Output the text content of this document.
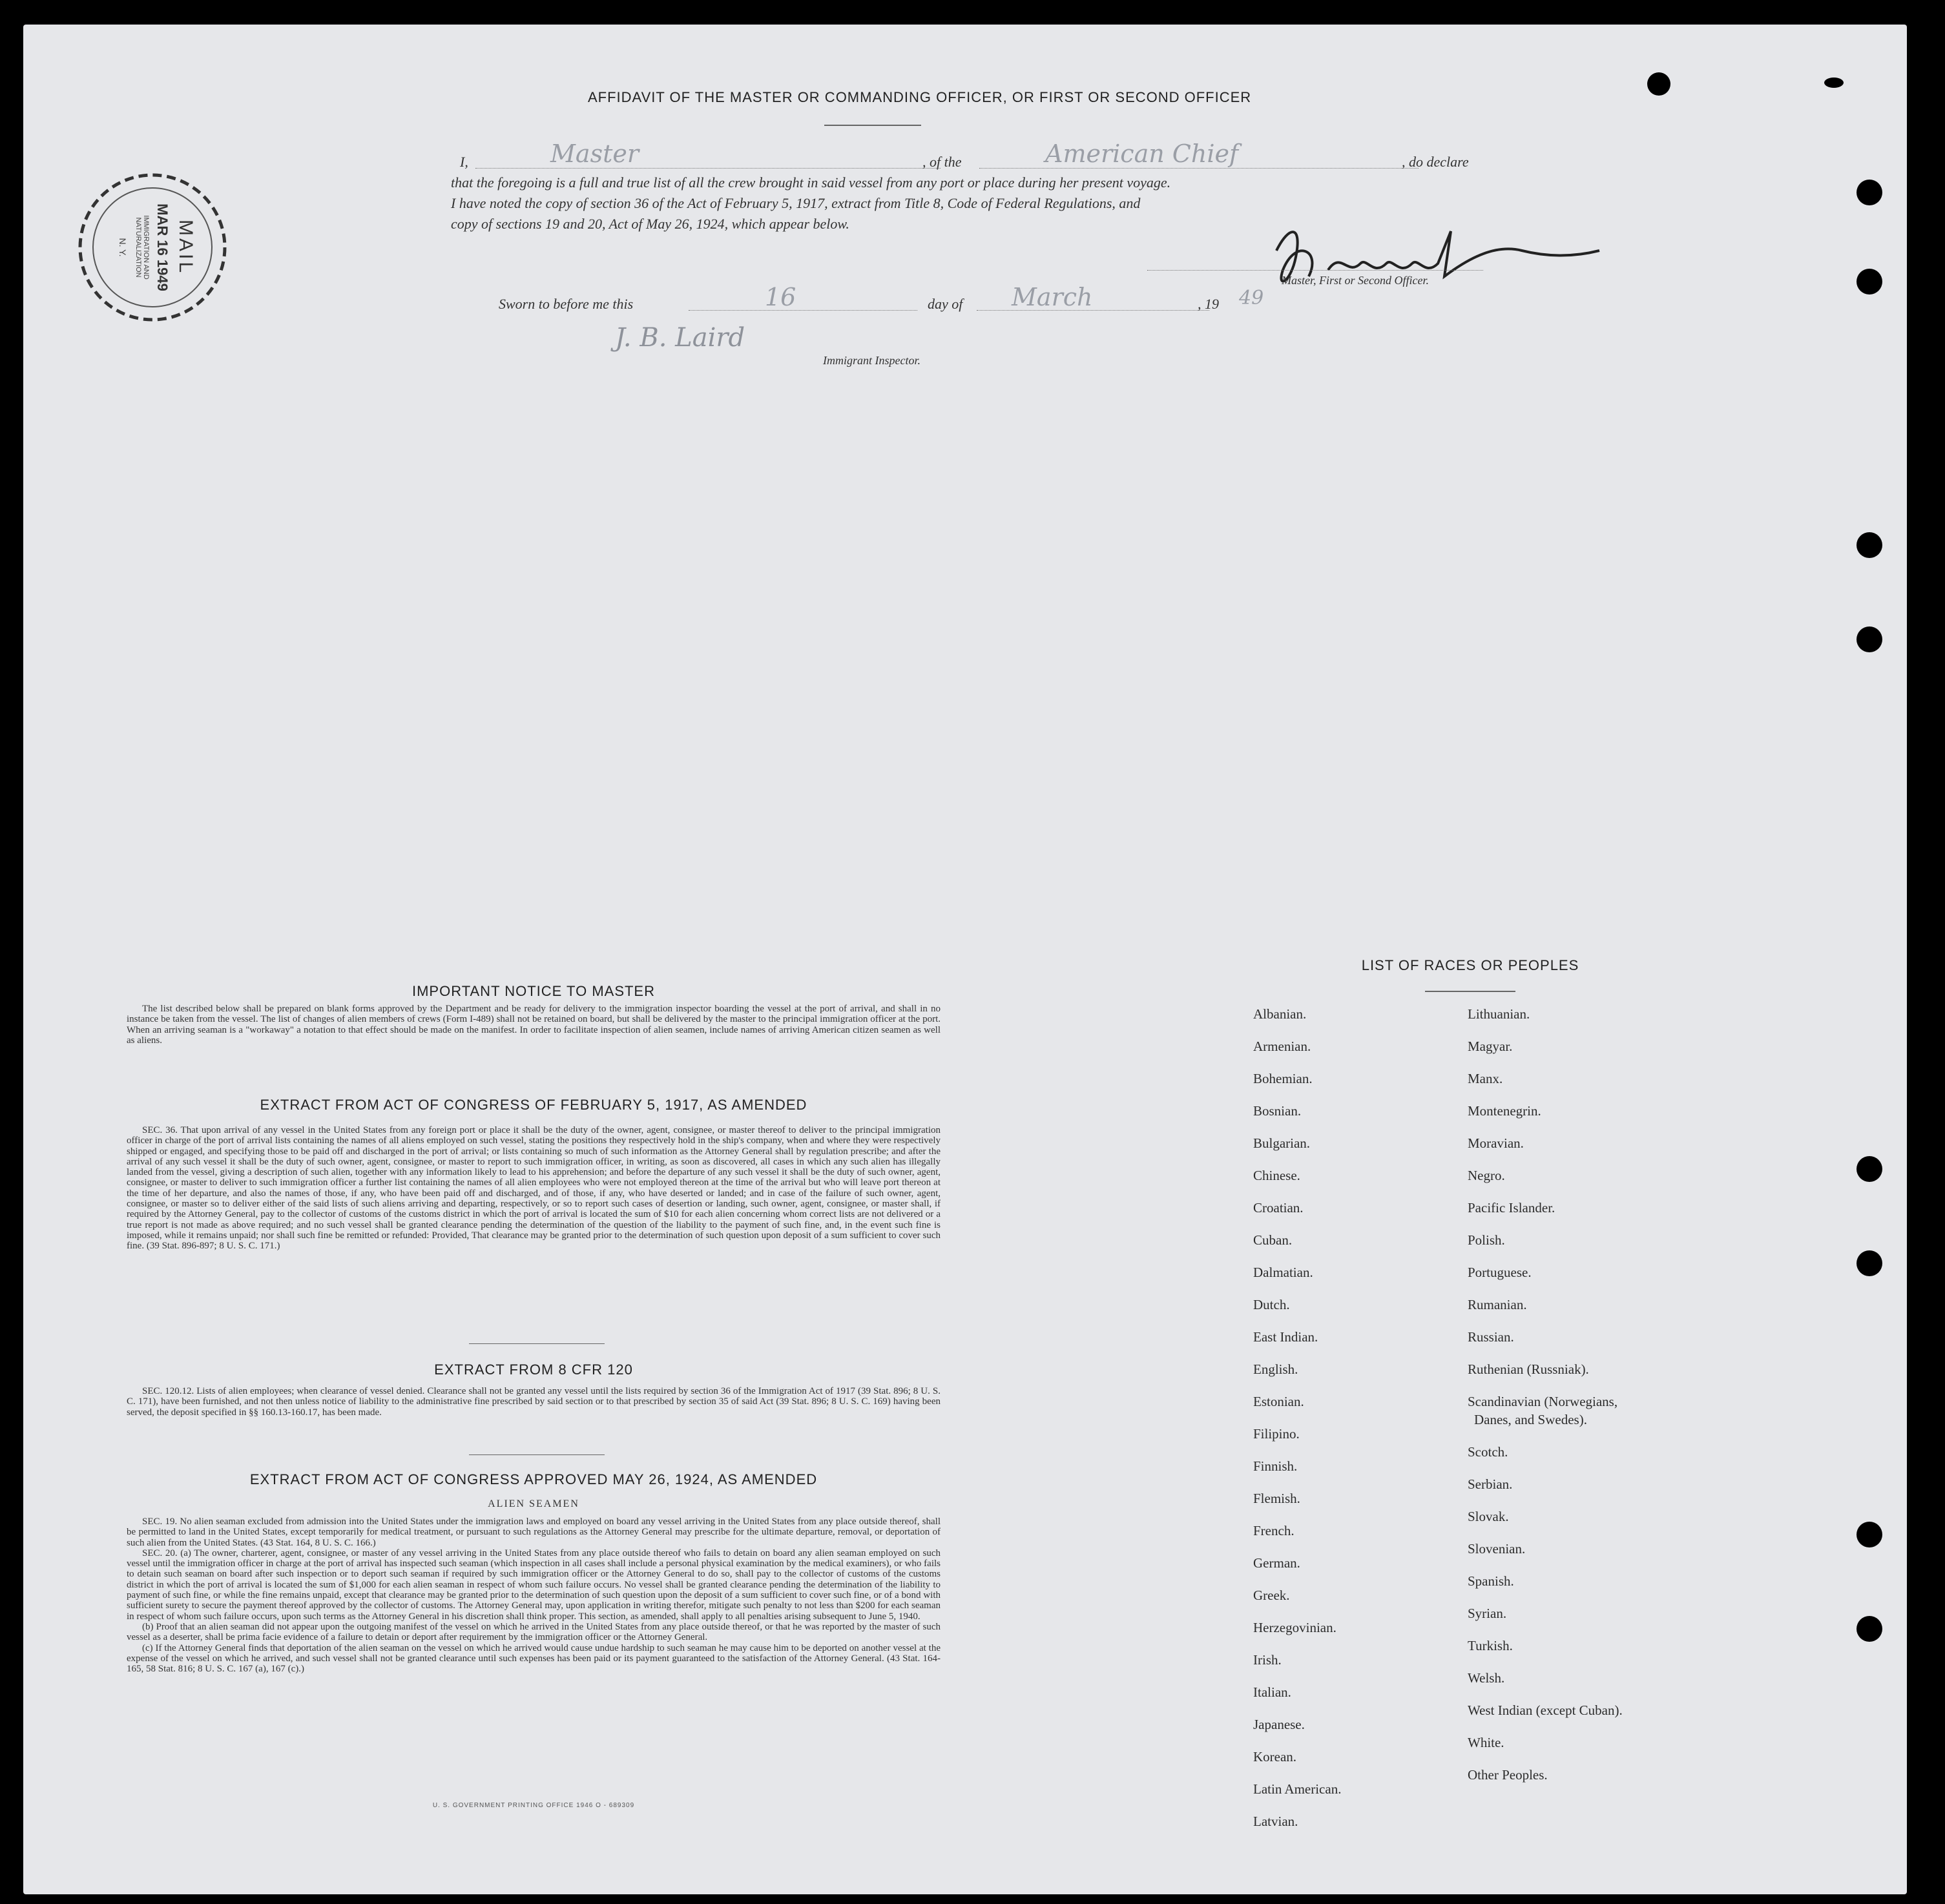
AFFIDAVIT OF THE MASTER OR COMMANDING OFFICER, OR FIRST OR SECOND OFFICER
I,	Master	, of the	American Chief	, do declare
that the foregoing is a full and true list of all the crew brought in said vessel from any port or place during her present voyage.
I have noted the copy of section 36 of the Act of February 5, 1917, extract from Title 8, Code of Federal Regulations, and
copy of sections 19 and 20, Act of May 26, 1924, which appear below.
Master, First or Second Officer.
Sworn to before me this	16	day of March	, 19 49
J. B. Laird
Immigrant Inspector.
MAIL
MAR 16 1949
IMMIGRATION AND NATURALIZATION
N. Y.
IMPORTANT NOTICE TO MASTER

The list described below shall be prepared on blank forms approved by the Department and be ready for delivery to the immigration inspector boarding the vessel at the port of arrival, and shall in no instance be taken from the vessel. The list of changes of alien members of crews (Form I-489) shall not be retained on board, but shall be delivered by the master to the principal immigration officer at the port. When an arriving seaman is a "workaway" a notation to that effect should be made on the manifest. In order to facilitate inspection of alien seamen, include names of arriving American citizen seamen as well as aliens.

EXTRACT FROM ACT OF CONGRESS OF FEBRUARY 5, 1917, AS AMENDED

SEC. 36. That upon arrival of any vessel in the United States from any foreign port or place it shall be the duty of the owner, agent, consignee, or master thereof to deliver to the principal immigration officer in charge of the port of arrival lists containing the names of all aliens employed on such vessel, stating the positions they respectively hold in the ship's company, when and where they were respectively shipped or engaged, and specifying those to be paid off and discharged in the port of arrival; or lists containing so much of such information as the Attorney General shall by regulation prescribe; and after the arrival of any such vessel it shall be the duty of such owner, agent, consignee, or master to report to such immigration officer, in writing, as soon as discovered, all cases in which any such alien has illegally landed from the vessel, giving a description of such alien, together with any information likely to lead to his apprehension; and before the departure of any such vessel it shall be the duty of such owner, agent, consignee, or master to deliver to such immigration officer a further list containing the names of all alien employees who were not employed thereon at the time of the arrival but who will leave port thereon at the time of her departure, and also the names of those, if any, who have been paid off and discharged, and of those, if any, who have deserted or landed; and in case of the failure of such owner, agent, consignee, or master so to deliver either of the said lists of such aliens arriving and departing, respectively, or so to report such cases of desertion or landing, such owner, agent, consignee, or master shall, if required by the Attorney General, pay to the collector of customs of the customs district in which the port of arrival is located the sum of $10 for each alien concerning whom correct lists are not delivered or a true report is not made as above required; and no such vessel shall be granted clearance pending the determination of the question of the liability to the payment of such fine, and, in the event such fine is imposed, while it remains unpaid; nor shall such fine be remitted or refunded: Provided, That clearance may be granted prior to the determination of such question upon deposit of a sum sufficient to cover such fine. (39 Stat. 896-897; 8 U. S. C. 171.)

EXTRACT FROM 8 CFR 120

SEC. 120.12. Lists of alien employees; when clearance of vessel denied. Clearance shall not be granted any vessel until the lists required by section 36 of the Immigration Act of 1917 (39 Stat. 896; 8 U. S. C. 171), have been furnished, and not then unless notice of liability to the administrative fine prescribed by said section or to that prescribed by section 35 of said Act (39 Stat. 896; 8 U. S. C. 169) having been served, the deposit specified in §§ 160.13-160.17, has been made.

EXTRACT FROM ACT OF CONGRESS APPROVED MAY 26, 1924, AS AMENDED
ALIEN SEAMEN

SEC. 19. No alien seaman excluded from admission into the United States under the immigration laws and employed on board any vessel arriving in the United States from any place outside thereof, shall be permitted to land in the United States, except temporarily for medical treatment, or pursuant to such regulations as the Attorney General may prescribe for the ultimate departure, removal, or deportation of such alien from the United States. (43 Stat. 164, 8 U. S. C. 166.)

SEC. 20. (a) The owner, charterer, agent, consignee, or master of any vessel arriving in the United States from any place outside thereof who fails to detain on board any alien seaman employed on such vessel until the immigration officer in charge at the port of arrival has inspected such seaman (which inspection in all cases shall include a personal physical examination by the medical examiners), or who fails to detain such seaman on board after such inspection or to deport such seaman if required by such immigration officer or the Attorney General to do so, shall pay to the collector of customs of the customs district in which the port of arrival is located the sum of $1,000 for each alien seaman in respect of whom such failure occurs. No vessel shall be granted clearance pending the determination of the liability to payment of such fine, or while the fine remains unpaid, except that clearance may be granted prior to the determination of such question upon the deposit of a sum sufficient to cover such fine, or of a bond with sufficient surety to secure the payment thereof approved by the collector of customs. The Attorney General may, upon application in writing therefor, mitigate such penalty to not less than $200 for each seaman in respect of whom such failure occurs, upon such terms as the Attorney General in his discretion shall think proper. This section, as amended, shall apply to all penalties arising subsequent to June 5, 1940.

(b) Proof that an alien seaman did not appear upon the outgoing manifest of the vessel on which he arrived in the United States from any place outside thereof, or that he was reported by the master of such vessel as a deserter, shall be prima facie evidence of a failure to detain or deport after requirement by the immigration officer or the Attorney General.

(c) If the Attorney General finds that deportation of the alien seaman on the vessel on which he arrived would cause undue hardship to such seaman he may cause him to be deported on another vessel at the expense of the vessel on which he arrived, and such vessel shall not be granted clearance until such expenses has been paid or its payment guaranteed to the satisfaction of the Attorney General. (43 Stat. 164-165, 58 Stat. 816; 8 U. S. C. 167 (a), 167 (c).)

U. S. GOVERNMENT PRINTING OFFICE 1946 O - 689309
LIST OF RACES OR PEOPLES
Albanian.
Armenian.
Bohemian.
Bosnian.
Bulgarian.
Chinese.
Croatian.
Cuban.
Dalmatian.
Dutch.
East Indian.
English.
Estonian.
Filipino.
Finnish.
Flemish.
French.
German.
Greek.
Herzegovinian.
Irish.
Italian.
Japanese.
Korean.
Latin American.
Latvian.
Lithuanian.
Magyar.
Manx.
Montenegrin.
Moravian.
Negro.
Pacific Islander.
Polish.
Portuguese.
Rumanian.
Russian.
Ruthenian (Russniak).
Scandinavian (Norwegians,
Danes, and Swedes).
Scotch.
Serbian.
Slovak.
Slovenian.
Spanish.
Syrian.
Turkish.
Welsh.
West Indian (except Cuban).
White.
Other Peoples.
